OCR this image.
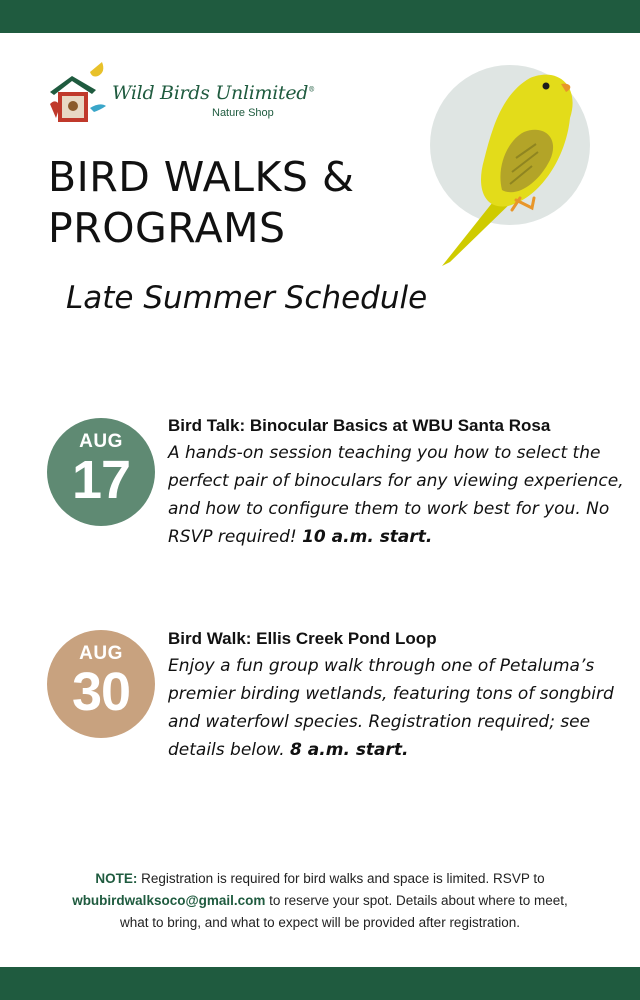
Wild Birds Unlimited®
Nature Shop
BIRD WALKS & PROGRAMS
Late Summer Schedule
AUG
17

Bird Talk: Binocular Basics at WBU Santa Rosa

A hands-on session teaching you how to select the perfect pair of binoculars for any viewing experience, and how to configure them to work best for you. No RSVP required! 10 a.m. start.

AUG
30

Bird Walk: Ellis Creek Pond Loop

Enjoy a fun group walk through one of Petaluma’s premier birding wetlands, featuring tons of songbird and waterfowl species. Registration required; see details below. 8 a.m. start.

NOTE: Registration is required for bird walks and space is limited. RSVP to wbubirdwalksoco@gmail.com to reserve your spot. Details about where to meet, what to bring, and what to expect will be provided after registration.
